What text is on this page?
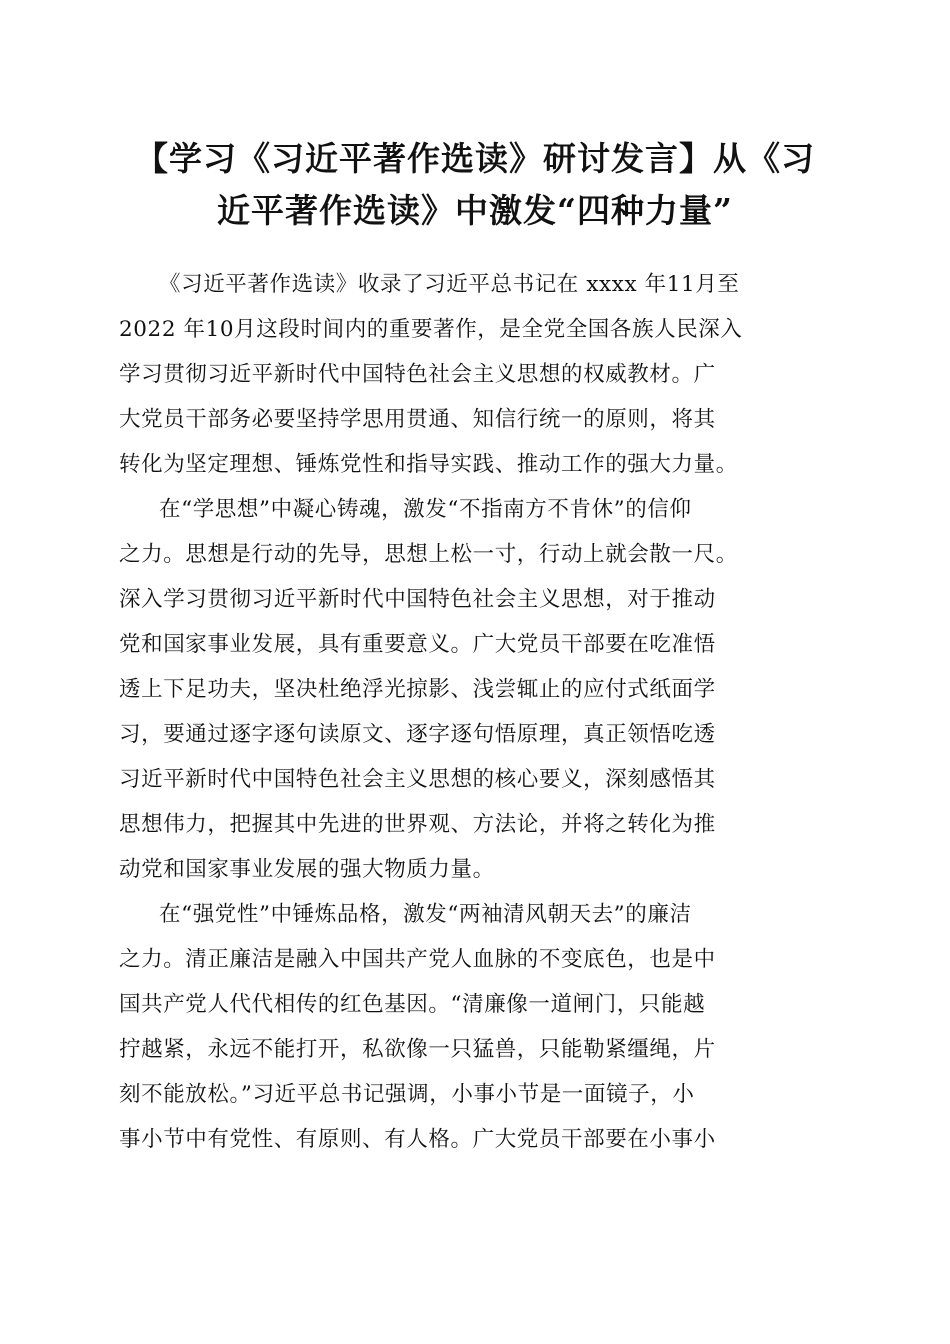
【学习《习近平著作选读》研讨发言】从《习
近平著作选读》中激发“四种力量”
《习近平著作选读》收录了习近平总书记在 xxxx 年11月至
2022 年10月这段时间内的重要著作，是全党全国各族人民深入
学习贯彻习近平新时代中国特色社会主义思想的权威教材。广
大党员干部务必要坚持学思用贯通、知信行统一的原则，将其
转化为坚定理想、锤炼党性和指导实践、推动工作的强大力量。
在“学思想”中凝心铸魂，激发“不指南方不肯休”的信仰
之力。思想是行动的先导，思想上松一寸，行动上就会散一尺。
深入学习贯彻习近平新时代中国特色社会主义思想，对于推动
党和国家事业发展，具有重要意义。广大党员干部要在吃准悟
透上下足功夫，坚决杜绝浮光掠影、浅尝辄止的应付式纸面学
习，要通过逐字逐句读原文、逐字逐句悟原理，真正领悟吃透
习近平新时代中国特色社会主义思想的核心要义，深刻感悟其
思想伟力，把握其中先进的世界观、方法论，并将之转化为推
动党和国家事业发展的强大物质力量。
在“强党性”中锤炼品格，激发“两袖清风朝天去”的廉洁
之力。清正廉洁是融入中国共产党人血脉的不变底色，也是中
国共产党人代代相传的红色基因。“清廉像一道闸门，只能越
拧越紧，永远不能打开，私欲像一只猛兽，只能勒紧缰绳，片
刻不能放松。”习近平总书记强调，小事小节是一面镜子，小
事小节中有党性、有原则、有人格。广大党员干部要在小事小
